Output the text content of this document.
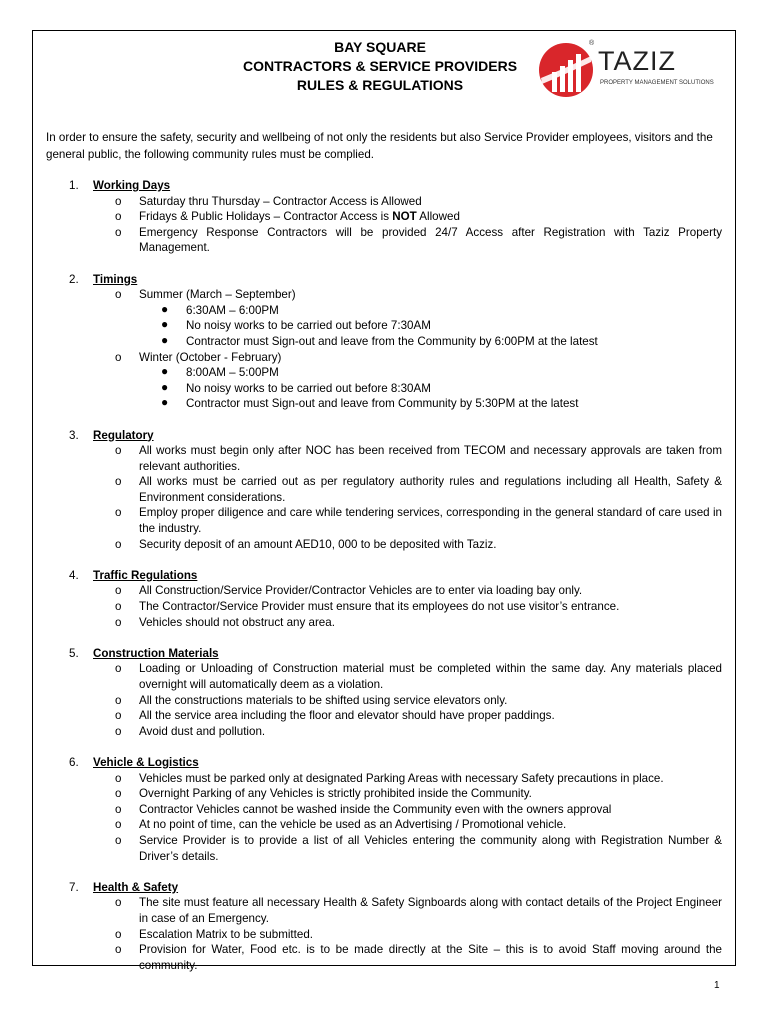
BAY SQUARE
CONTRACTORS & SERVICE PROVIDERS
RULES & REGULATIONS
®
TAZIZ
PROPERTY MANAGEMENT SOLUTIONS
In order to ensure the safety, security and wellbeing of not only the residents but also Service Provider employees, visitors and the general public, the following community rules must be complied.
1. Working Days
o Saturday thru Thursday – Contractor Access is Allowed
o Fridays & Public Holidays – Contractor Access is NOT Allowed
o Emergency Response Contractors will be provided 24/7 Access after Registration with Taziz Property Management.
2. Timings
o Summer (March – September)
● 6:30AM – 6:00PM
● No noisy works to be carried out before 7:30AM
● Contractor must Sign-out and leave from the Community by 6:00PM at the latest
o Winter (October - February)
● 8:00AM – 5:00PM
● No noisy works to be carried out before 8:30AM
● Contractor must Sign-out and leave from Community by 5:30PM at the latest
3. Regulatory
o All works must begin only after NOC has been received from TECOM and necessary approvals are taken from relevant authorities.
o All works must be carried out as per regulatory authority rules and regulations including all Health, Safety & Environment considerations.
o Employ proper diligence and care while tendering services, corresponding in the general standard of care used in the industry.
o Security deposit of an amount AED10, 000 to be deposited with Taziz.
4. Traffic Regulations
o All Construction/Service Provider/Contractor Vehicles are to enter via loading bay only.
o The Contractor/Service Provider must ensure that its employees do not use visitor’s entrance.
o Vehicles should not obstruct any area.
5. Construction Materials
o Loading or Unloading of Construction material must be completed within the same day. Any materials placed overnight will automatically deem as a violation.
o All the constructions materials to be shifted using service elevators only.
o All the service area including the floor and elevator should have proper paddings.
o Avoid dust and pollution.
6. Vehicle & Logistics
o Vehicles must be parked only at designated Parking Areas with necessary Safety precautions in place.
o Overnight Parking of any Vehicles is strictly prohibited inside the Community.
o Contractor Vehicles cannot be washed inside the Community even with the owners approval
o At no point of time, can the vehicle be used as an Advertising / Promotional vehicle.
o Service Provider is to provide a list of all Vehicles entering the community along with Registration Number & Driver’s details.
7. Health & Safety
o The site must feature all necessary Health & Safety Signboards along with contact details of the Project Engineer in case of an Emergency.
o Escalation Matrix to be submitted.
o Provision for Water, Food etc. is to be made directly at the Site – this is to avoid Staff moving around the community.
1
